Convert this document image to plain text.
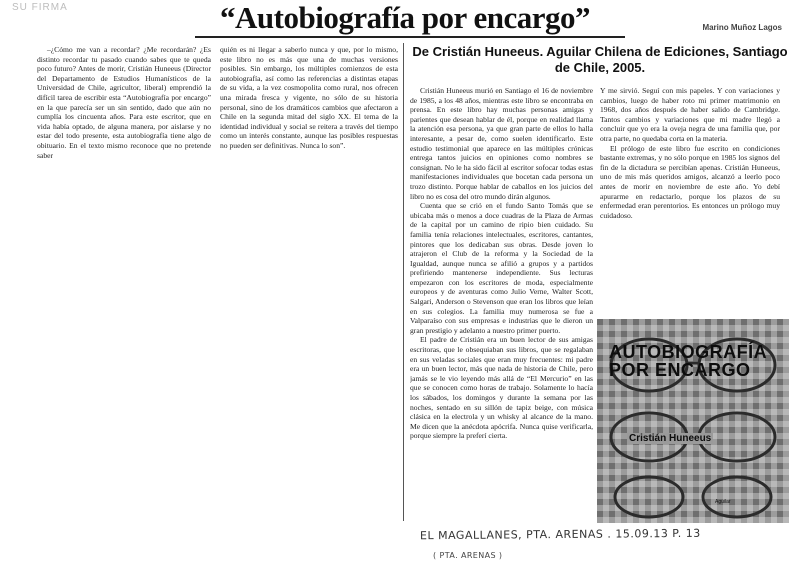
SU FIRMA	“Autobiografía por encargo”	Marino Muñoz Lagos

–¿Cómo me van a recordar? ¿Me recordarán? ¿Es distinto recordar tu pasado cuando sabes que te queda poco futuro? Antes de morir, Cristián Huneeus (Director del Departamento de Estudios Humanísticos de la Universidad de Chile, agricultor, liberal) emprendió la difícil tarea de escribir esta “Autobiografía por encargo” en la que parecía ser un sin sentido, dado que aún no cumplía los cincuenta años. Para este escritor, que en vida había optado, de alguna manera, por aislarse y no estar del todo presente, esta autobiografía tiene algo de obituario. En el texto mismo reconoce que no pretende saber

quién es ni llegar a saberlo nunca y que, por lo mismo, este libro no es más que una de muchas versiones posibles. Sin embargo, los múltiples comienzos de esta autobiografía, así como las referencias a distintas etapas de su vida, a la vez cosmopolita como rural, nos ofrecen una mirada fresca y vigente, no sólo de su historia personal, sino de los dramáticos cambios que afectaron a Chile en la segunda mitad del siglo XX. El tema de la identidad individual y social se reitera a través del tiempo como un interés constante, aunque las posibles respuestas no pueden ser definitivas. Nunca lo son”.

De Cristián Huneeus. Aguilar Chilena de Ediciones, Santiago de Chile, 2005.

Cristián Huneeus murió en Santiago el 16 de noviembre de 1985, a los 48 años, mientras este libro se encontraba en prensa. En este libro hay muchas personas amigas y parientes que desean hablar de él, porque en realidad llama la atención esa persona, ya que gran parte de ellos lo halla interesante, a pesar de, como suelen identificarlo. Este estudio testimonial que aparece en las múltiples crónicas entrega tantos juicios en opiniones como nombres se consignan. No le ha sido fácil al escritor sofocar todas estas manifestaciones individuales que bocetan cada persona un trozo distinto. Porque hablar de caballos en los juicios del libro no es cosa del otro mundo dirán algunos.

Cuenta que se crió en el fundo Santo Tomás que se ubicaba más o menos a doce cuadras de la Plaza de Armas de la capital por un camino de ripio bien cuidado. Su familia tenía relaciones intelectuales, escritores, cantantes, pintores que los dedicaban sus obras. Desde joven lo atrajeron el Club de la reforma y la Sociedad de la Igualdad, aunque nunca se afilió a grupos y a partidos prefiriendo mantenerse independiente. Sus lecturas empezaron con los escritores de moda, especialmente europeos y de aventuras como Julio Verne, Walter Scott, Salgari, Anderson o Stevenson que eran los libros que leían en sus colegios. La familia muy numerosa se fue a Valparaíso con sus empresas e industrias que le dieron un gran prestigio y adelanto a nuestro primer puerto.

El padre de Cristián era un buen lector de sus amigas escritoras, que le obsequiaban sus libros, que se regalaban en sus veladas sociales que eran muy frecuentes: mi padre era un buen lector, más que nada de historia de Chile, pero jamás se le vio leyendo más allá de “El Mercurio” en las que se conocen como horas de trabajo. Solamente lo hacía los sábados, los domingos y durante la semana por las noches, sentado en su sillón de tapiz beige, con música clásica en la electrola y un whisky al alcance de la mano. Me dicen que la anécdota apócrifa. Nunca quise verificarla, porque siempre la preferí cierta.

Y me sirvió. Seguí con mis papeles. Y con variaciones y cambios, luego de haber roto mi primer matrimonio en 1968, dos años después de haber salido de Cambridge. Tantos cambios y variaciones que mi madre llegó a concluir que yo era la oveja negra de una familia que, por otra parte, no quedaba corta en la materia.

El prólogo de este libro fue escrito en condiciones bastante extremas, y no sólo porque en 1985 los signos del fin de la dictadura se percibían apenas. Cristián Huneeus, uno de mis más queridos amigos, alcanzó a leerlo poco antes de morir en noviembre de este año. Yo debí apurarme en redactarlo, porque los plazos de su enfermedad eran perentorios. Es entonces un prólogo muy cuidadoso.

AUTOBIOGRAFÍA
POR ENCARGO
Cristián Huneeus
Aguilar
EL MAGALLANES, PTA. ARENAS . 15.09.13 P. 13
( PTA. ARENAS )
